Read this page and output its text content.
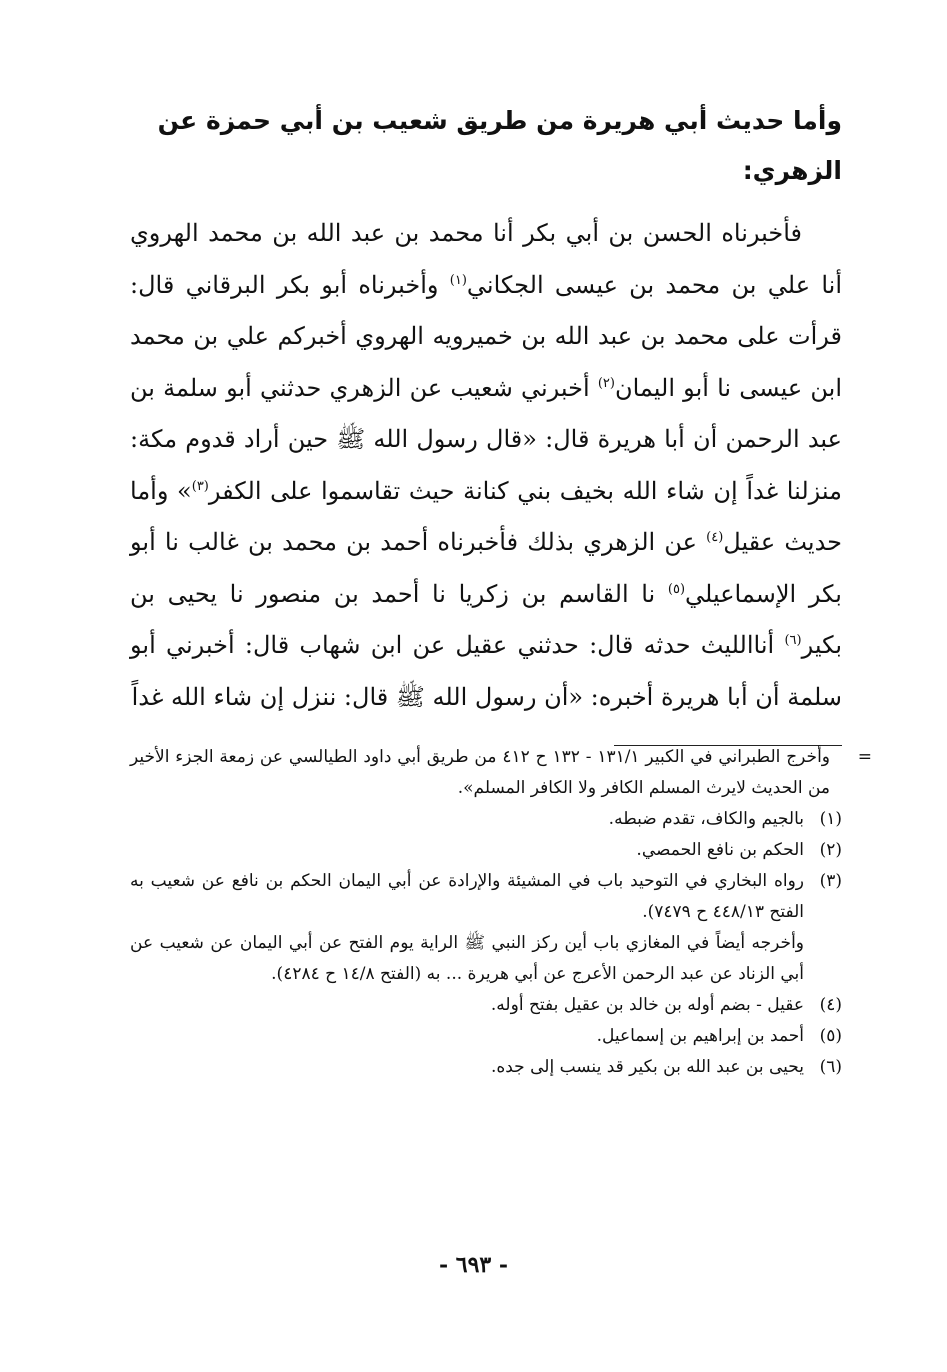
وأما حديث أبي هريرة من طريق شعيب بن أبي حمزة عن الزهري:

فأخبرناه الحسن بن أبي بكر أنا محمد بن عبد الله بن محمد الهروي أنا علي بن محمد بن عيسى الجكاني$^{(١)}$ وأخبرناه أبو بكر البرقاني قال: قرأت على محمد بن عبد الله بن خميرويه الهروي أخبركم علي بن محمد ابن عيسى نا أبو اليمان$^{(٢)}$ أخبرني شعيب عن الزهري حدثني أبو سلمة بن عبد الرحمن أن أبا هريرة قال: «قال رسول الله ﷺ حين أراد قدوم مكة: منزلنا غداً إن شاء الله بخيف بني كنانة حيث تقاسموا على الكفر$^{(٣)}$» وأما حديث عقيل$^{(٤)}$ عن الزهري بذلك فأخبرناه أحمد بن محمد بن غالب نا أبو بكر الإسماعيلي$^{(٥)}$ نا القاسم بن زكريا نا أحمد بن منصور نا يحيى بن بكير$^{(٦)}$ أناالليث حدثه قال: حدثني عقيل عن ابن شهاب قال: أخبرني أبو سلمة أن أبا هريرة أخبره: «أن رسول الله ﷺ قال: ننزل إن شاء الله غداً

=
وأخرج الطبراني في الكبير ١٣١/١ - ١٣٢ ح ٤١٢ من طريق أبي داود الطيالسي عن زمعة الجزء الأخير من الحديث لايرث المسلم الكافر ولا الكافر المسلم».

(١)
بالجيم والكاف، تقدم ضبطه.
(٢)
الحكم بن نافع الحمصي.
(٣)
رواه البخاري في التوحيد باب في المشيئة والإرادة عن أبي اليمان الحكم بن نافع عن شعيب به الفتح ٤٤٨/١٣ ح ٧٤٧٩).

وأخرجه أيضاً في المغازي باب أين ركز النبي ﷺ الراية يوم الفتح عن أبي اليمان عن شعيب عن أبي الزناد عن عبد الرحمن الأعرج عن أبي هريرة ... به (الفتح ١٤/٨ ح ٤٢٨٤).

(٤)
عقيل - بضم أوله بن خالد بن عقيل بفتح أوله.
(٥)
أحمد بن إبراهيم بن إسماعيل.
(٦)
يحيى بن عبد الله بن بكير قد ينسب إلى جده.
- ٦٩٣ -
